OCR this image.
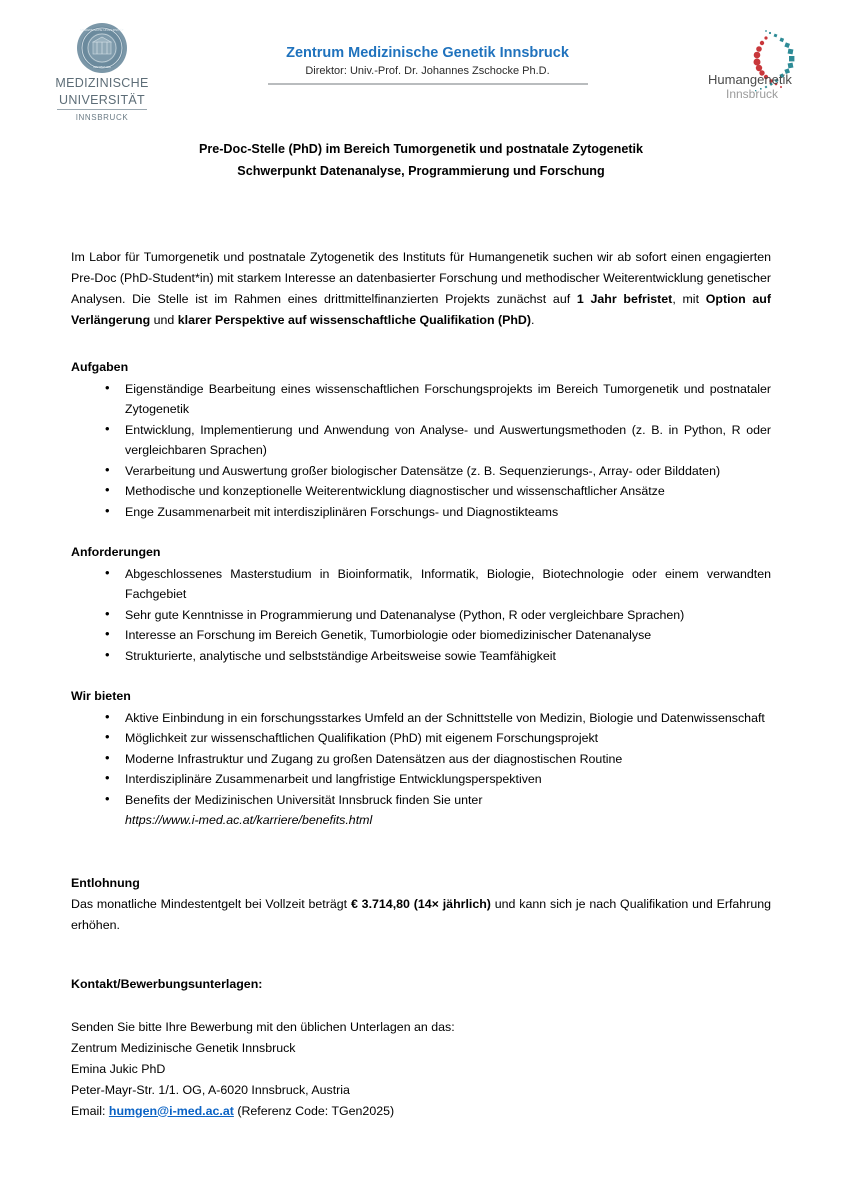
MEDIZINISCHE UNIVERSITÄT
INNSBRUCK
MEDIZINISCHE
UNIVERSITÄT
INNSBRUCK
Zentrum Medizinische Genetik Innsbruck
Direktor: Univ.-Prof. Dr. Johannes Zschocke Ph.D.
Humangenetik
Innsbruck
Pre-Doc-Stelle (PhD) im Bereich Tumorgenetik und postnatale Zytogenetik
Schwerpunkt Datenanalyse, Programmierung und Forschung

Im Labor für Tumorgenetik und postnatale Zytogenetik des Instituts für Humangenetik suchen wir ab sofort einen engagierten Pre-Doc (PhD-Student*in) mit starkem Interesse an datenbasierter Forschung und methodischer Weiterentwicklung genetischer Analysen. Die Stelle ist im Rahmen eines drittmittelfinanzierten Projekts zunächst auf 1 Jahr befristet, mit Option auf Verlängerung und klarer Perspektive auf wissenschaftliche Qualifikation (PhD).

Aufgaben
• Eigenständige Bearbeitung eines wissenschaftlichen Forschungsprojekts im Bereich Tumorgenetik und postnataler Zytogenetik
• Entwicklung, Implementierung und Anwendung von Analyse- und Auswertungsmethoden (z. B. in Python, R oder vergleichbaren Sprachen)
• Verarbeitung und Auswertung großer biologischer Datensätze (z. B. Sequenzierungs-, Array- oder Bilddaten)
• Methodische und konzeptionelle Weiterentwicklung diagnostischer und wissenschaftlicher Ansätze
• Enge Zusammenarbeit mit interdisziplinären Forschungs- und Diagnostikteams
Anforderungen
• Abgeschlossenes Masterstudium in Bioinformatik, Informatik, Biologie, Biotechnologie oder einem verwandten Fachgebiet
• Sehr gute Kenntnisse in Programmierung und Datenanalyse (Python, R oder vergleichbare Sprachen)
• Interesse an Forschung im Bereich Genetik, Tumorbiologie oder biomedizinischer Datenanalyse
• Strukturierte, analytische und selbstständige Arbeitsweise sowie Teamfähigkeit
Wir bieten
• Aktive Einbindung in ein forschungsstarkes Umfeld an der Schnittstelle von Medizin, Biologie und Datenwissenschaft
• Möglichkeit zur wissenschaftlichen Qualifikation (PhD) mit eigenem Forschungsprojekt
• Moderne Infrastruktur und Zugang zu großen Datensätzen aus der diagnostischen Routine
• Interdisziplinäre Zusammenarbeit und langfristige Entwicklungsperspektiven
• Benefits der Medizinischen Universität Innsbruck finden Sie unter
https://www.i-med.ac.at/karriere/benefits.html
Entlohnung

Das monatliche Mindestentgelt bei Vollzeit beträgt € 3.714,80 (14× jährlich) und kann sich je nach Qualifikation und Erfahrung erhöhen.

Kontakt/Bewerbungsunterlagen:
Senden Sie bitte Ihre Bewerbung mit den üblichen Unterlagen an das:
Zentrum Medizinische Genetik Innsbruck
Emina Jukic PhD
Peter-Mayr-Str. 1/1. OG, A-6020 Innsbruck, Austria
Email: humgen@i-med.ac.at (Referenz Code: TGen2025)
